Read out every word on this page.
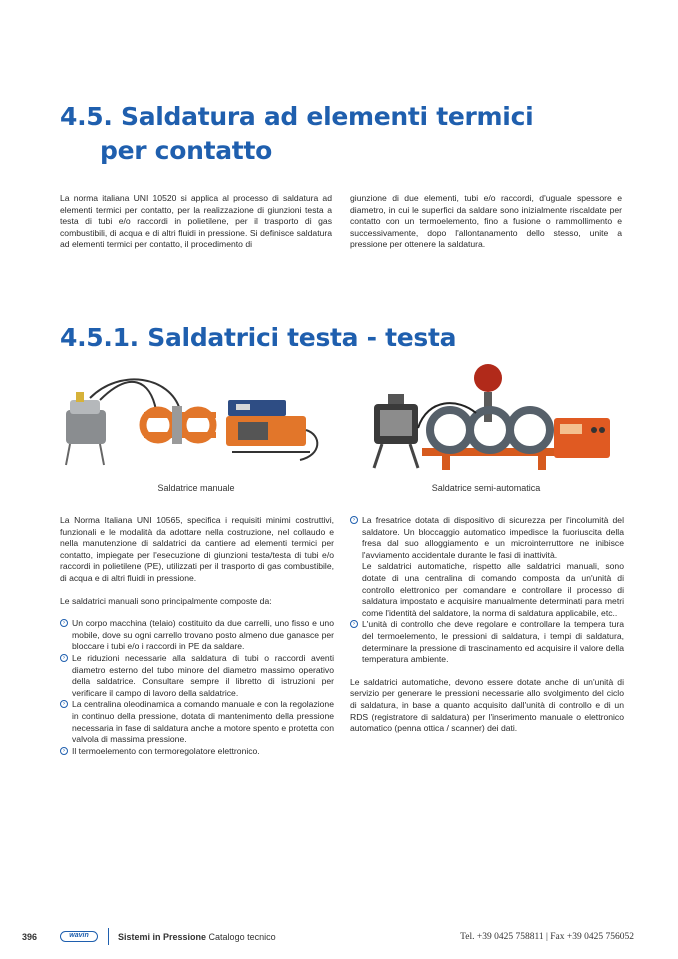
4.5. Saldatura ad elementi termici
per contatto

La norma italiana UNI 10520 si applica al processo di saldatura ad elementi termici per contatto, per la realizzazione di giunzioni testa a testa di tubi e/o raccordi in polietilene, per il trasporto di gas combustibili, di acqua e di altri fluidi in pressione. Si definisce saldatura ad elementi termici per contatto, il procedimento di

giunzione di due elementi, tubi e/o raccordi, d'uguale spessore e diametro, in cui le superfici da saldare sono inizialmente riscaldate per contatto con un termoelemento, fino a fusione o rammollimento e successivamente, dopo l'allontanamento dello stesso, unite a pressione per ottenere la saldatura.

4.5.1. Saldatrici testa - testa
Saldatrice manuale	Saldatrice semi-automatica

La Norma Italiana UNI 10565, specifica i requisiti minimi costruttivi, funzionali e le modalità da adottare nella costruzione, nel collaudo e nella manutenzione di saldatrici da cantiere ad elementi termici per contatto, impiegate per l'esecuzione di giunzioni testa/testa di tubi e/o raccordi in polietilene (PE), utilizzati per il trasporto di gas combustibile, di acqua e di altri fluidi in pressione.

Le saldatrici manuali sono principalmente composte da:

› Un corpo macchina (telaio) costituito da due carrelli, uno fisso e uno mobile, dove su ogni carrello trovano posto almeno due ganasce per bloccare i tubi e/o i raccordi in PE da saldare.

› Le riduzioni necessarie alla saldatura di tubi o raccordi aventi diametro esterno del tubo minore del diametro massimo operativo della saldatrice. Consultare sempre il libretto di istruzioni per verificare il campo di lavoro della saldatrice.

› La centralina oleodinamica a comando manuale e con la regolazione in continuo della pressione, dotata di mantenimento della pressione necessaria in fase di saldatura anche a motore spento e protetta con valvola di massima pressione.

› Il termoelemento con termoregolatore elettronico.

› La fresatrice dotata di dispositivo di sicurezza per l'incolumità del saldatore. Un bloccaggio automatico impedisce la fuoriuscita della fresa dal suo alloggiamento e un microinterruttore ne inibisce l'avviamento accidentale durante le fasi di inattività.

Le saldatrici automatiche, rispetto alle saldatrici manuali, sono dotate di una centralina di comando composta da un'unità di controllo elettronico per comandare e controllare il processo di saldatura impostato e acquisire manualmente determinati para metri come l'identità del saldatore, la norma di saldatura applicabile, etc..

› L'unità di controllo che deve regolare e controllare la tempera tura del termoelemento, le pressioni di saldatura, i tempi di saldatura, determinare la pressione di trascinamento ed acquisire il valore della temperatura ambiente.

Le saldatrici automatiche, devono essere dotate anche di un'unità di servizio per generare le pressioni necessarie allo svolgimento del ciclo di saldatura, in base a quanto acquisito dall'unità di controllo e di un RDS (registratore di saldatura) per l'inserimento manuale o elettronico automatico (penna ottica / scanner) dei dati.

396	wavin	Sistemi in Pressione Catalogo tecnico	Tel. +39 0425 758811 | Fax +39 0425 756052
